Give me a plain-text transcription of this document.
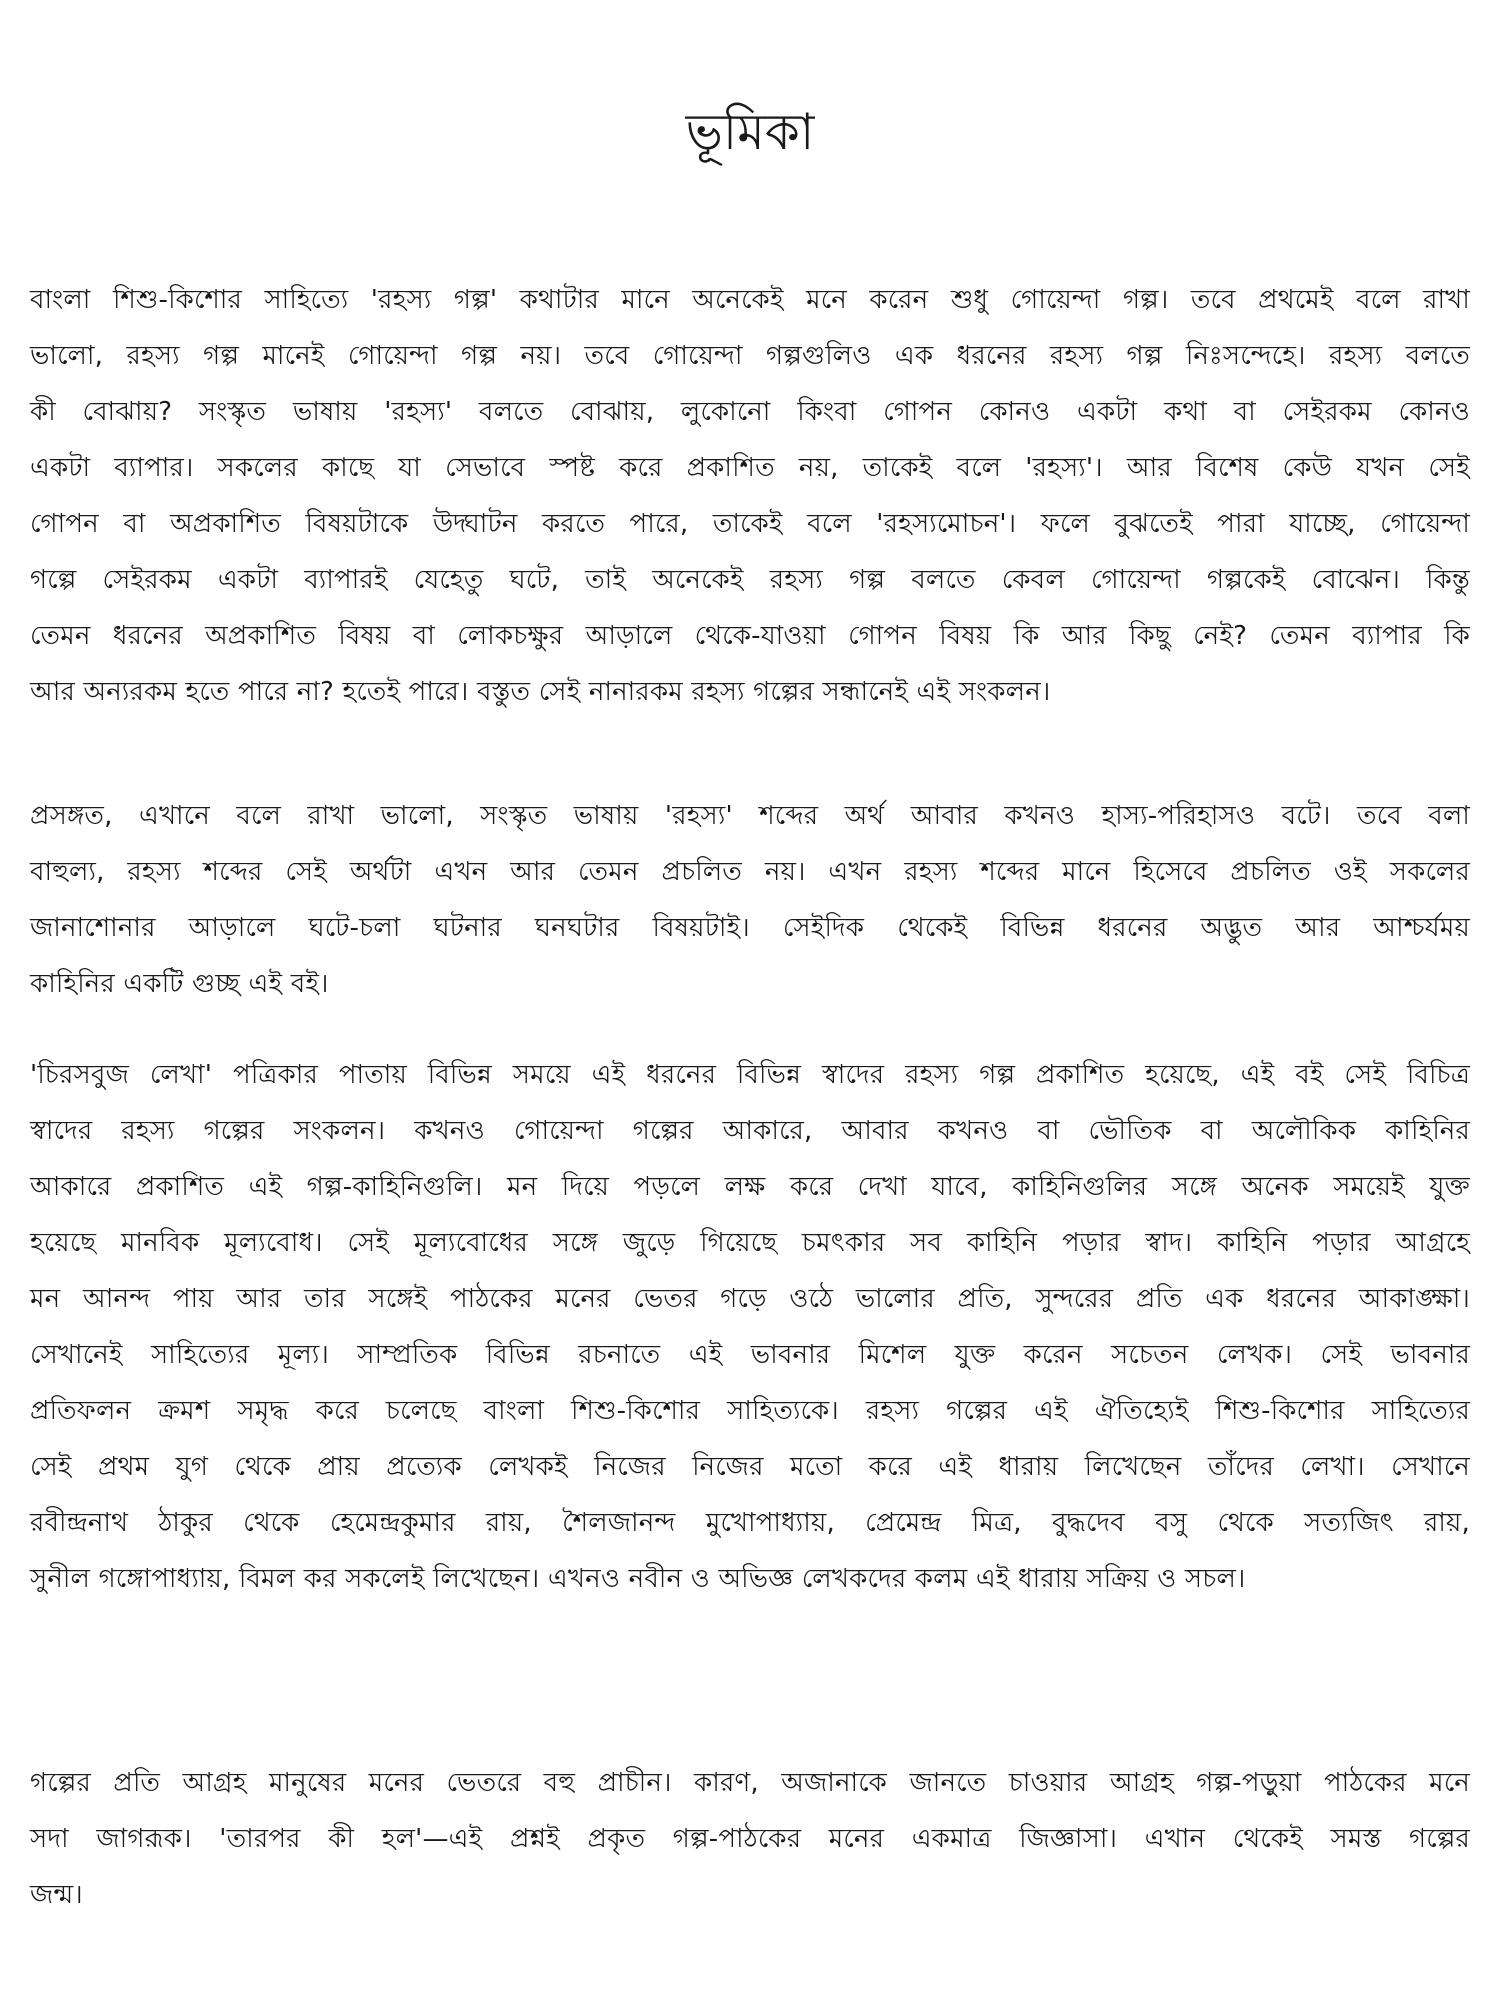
ভূমিকা
বাংলা শিশু-কিশোর সাহিত্যে 'রহস্য গল্প' কথাটার মানে অনেকেই মনে করেন শুধু গোয়েন্দা গল্প। তবে প্রথমেই বলে রাখা
ভালো, রহস্য গল্প মানেই গোয়েন্দা গল্প নয়। তবে গোয়েন্দা গল্পগুলিও এক ধরনের রহস্য গল্প নিঃসন্দেহে। রহস্য বলতে
কী বোঝায়? সংস্কৃত ভাষায় 'রহস্য' বলতে বোঝায়, লুকোনো কিংবা গোপন কোনও একটা কথা বা সেইরকম কোনও
একটা ব্যাপার। সকলের কাছে যা সেভাবে স্পষ্ট করে প্রকাশিত নয়, তাকেই বলে 'রহস্য'। আর বিশেষ কেউ যখন সেই
গোপন বা অপ্রকাশিত বিষয়টাকে উদ্ঘাটন করতে পারে, তাকেই বলে 'রহস্যমোচন'। ফলে বুঝতেই পারা যাচ্ছে, গোয়েন্দা
গল্পে সেইরকম একটা ব্যাপারই যেহেতু ঘটে, তাই অনেকেই রহস্য গল্প বলতে কেবল গোয়েন্দা গল্পকেই বোঝেন। কিন্তু
তেমন ধরনের অপ্রকাশিত বিষয় বা লোকচক্ষুর আড়ালে থেকে-যাওয়া গোপন বিষয় কি আর কিছু নেই? তেমন ব্যাপার কি
আর অন্যরকম হতে পারে না? হতেই পারে। বস্তুত সেই নানারকম রহস্য গল্পের সন্ধানেই এই সংকলন।
প্রসঙ্গত, এখানে বলে রাখা ভালো, সংস্কৃত ভাষায় 'রহস্য' শব্দের অর্থ আবার কখনও হাস্য-পরিহাসও বটে। তবে বলা
বাহুল্য, রহস্য শব্দের সেই অর্থটা এখন আর তেমন প্রচলিত নয়। এখন রহস্য শব্দের মানে হিসেবে প্রচলিত ওই সকলের
জানাশোনার আড়ালে ঘটে-চলা ঘটনার ঘনঘটার বিষয়টাই। সেইদিক থেকেই বিভিন্ন ধরনের অদ্ভুত আর আশ্চর্যময়
কাহিনির একটি গুচ্ছ এই বই।
'চিরসবুজ লেখা' পত্রিকার পাতায় বিভিন্ন সময়ে এই ধরনের বিভিন্ন স্বাদের রহস্য গল্প প্রকাশিত হয়েছে, এই বই সেই বিচিত্র
স্বাদের রহস্য গল্পের সংকলন। কখনও গোয়েন্দা গল্পের আকারে, আবার কখনও বা ভৌতিক বা অলৌকিক কাহিনির
আকারে প্রকাশিত এই গল্প-কাহিনিগুলি। মন দিয়ে পড়লে লক্ষ করে দেখা যাবে, কাহিনিগুলির সঙ্গে অনেক সময়েই যুক্ত
হয়েছে মানবিক মূল্যবোধ। সেই মূল্যবোধের সঙ্গে জুড়ে গিয়েছে চমৎকার সব কাহিনি পড়ার স্বাদ। কাহিনি পড়ার আগ্রহে
মন আনন্দ পায় আর তার সঙ্গেই পাঠকের মনের ভেতর গড়ে ওঠে ভালোর প্রতি, সুন্দরের প্রতি এক ধরনের আকাঙ্ক্ষা।
সেখানেই সাহিত্যের মূল্য। সাম্প্রতিক বিভিন্ন রচনাতে এই ভাবনার মিশেল যুক্ত করেন সচেতন লেখক। সেই ভাবনার
প্রতিফলন ক্রমশ সমৃদ্ধ করে চলেছে বাংলা শিশু-কিশোর সাহিত্যকে। রহস্য গল্পের এই ঐতিহ্যেই শিশু-কিশোর সাহিত্যের
সেই প্রথম যুগ থেকে প্রায় প্রত্যেক লেখকই নিজের নিজের মতো করে এই ধারায় লিখেছেন তাঁদের লেখা। সেখানে
রবীন্দ্রনাথ ঠাকুর থেকে হেমেন্দ্রকুমার রায়, শৈলজানন্দ মুখোপাধ্যায়, প্রেমেন্দ্র মিত্র, বুদ্ধদেব বসু থেকে সত্যজিৎ রায়,
সুনীল গঙ্গোপাধ্যায়, বিমল কর সকলেই লিখেছেন। এখনও নবীন ও অভিজ্ঞ লেখকদের কলম এই ধারায় সক্রিয় ও সচল।
গল্পের প্রতি আগ্রহ মানুষের মনের ভেতরে বহু প্রাচীন। কারণ, অজানাকে জানতে চাওয়ার আগ্রহ গল্প-পড়ুয়া পাঠকের মনে
সদা জাগরূক। 'তারপর কী হল'—এই প্রশ্নই প্রকৃত গল্প-পাঠকের মনের একমাত্র জিজ্ঞাসা। এখান থেকেই সমস্ত গল্পের
জন্ম।
